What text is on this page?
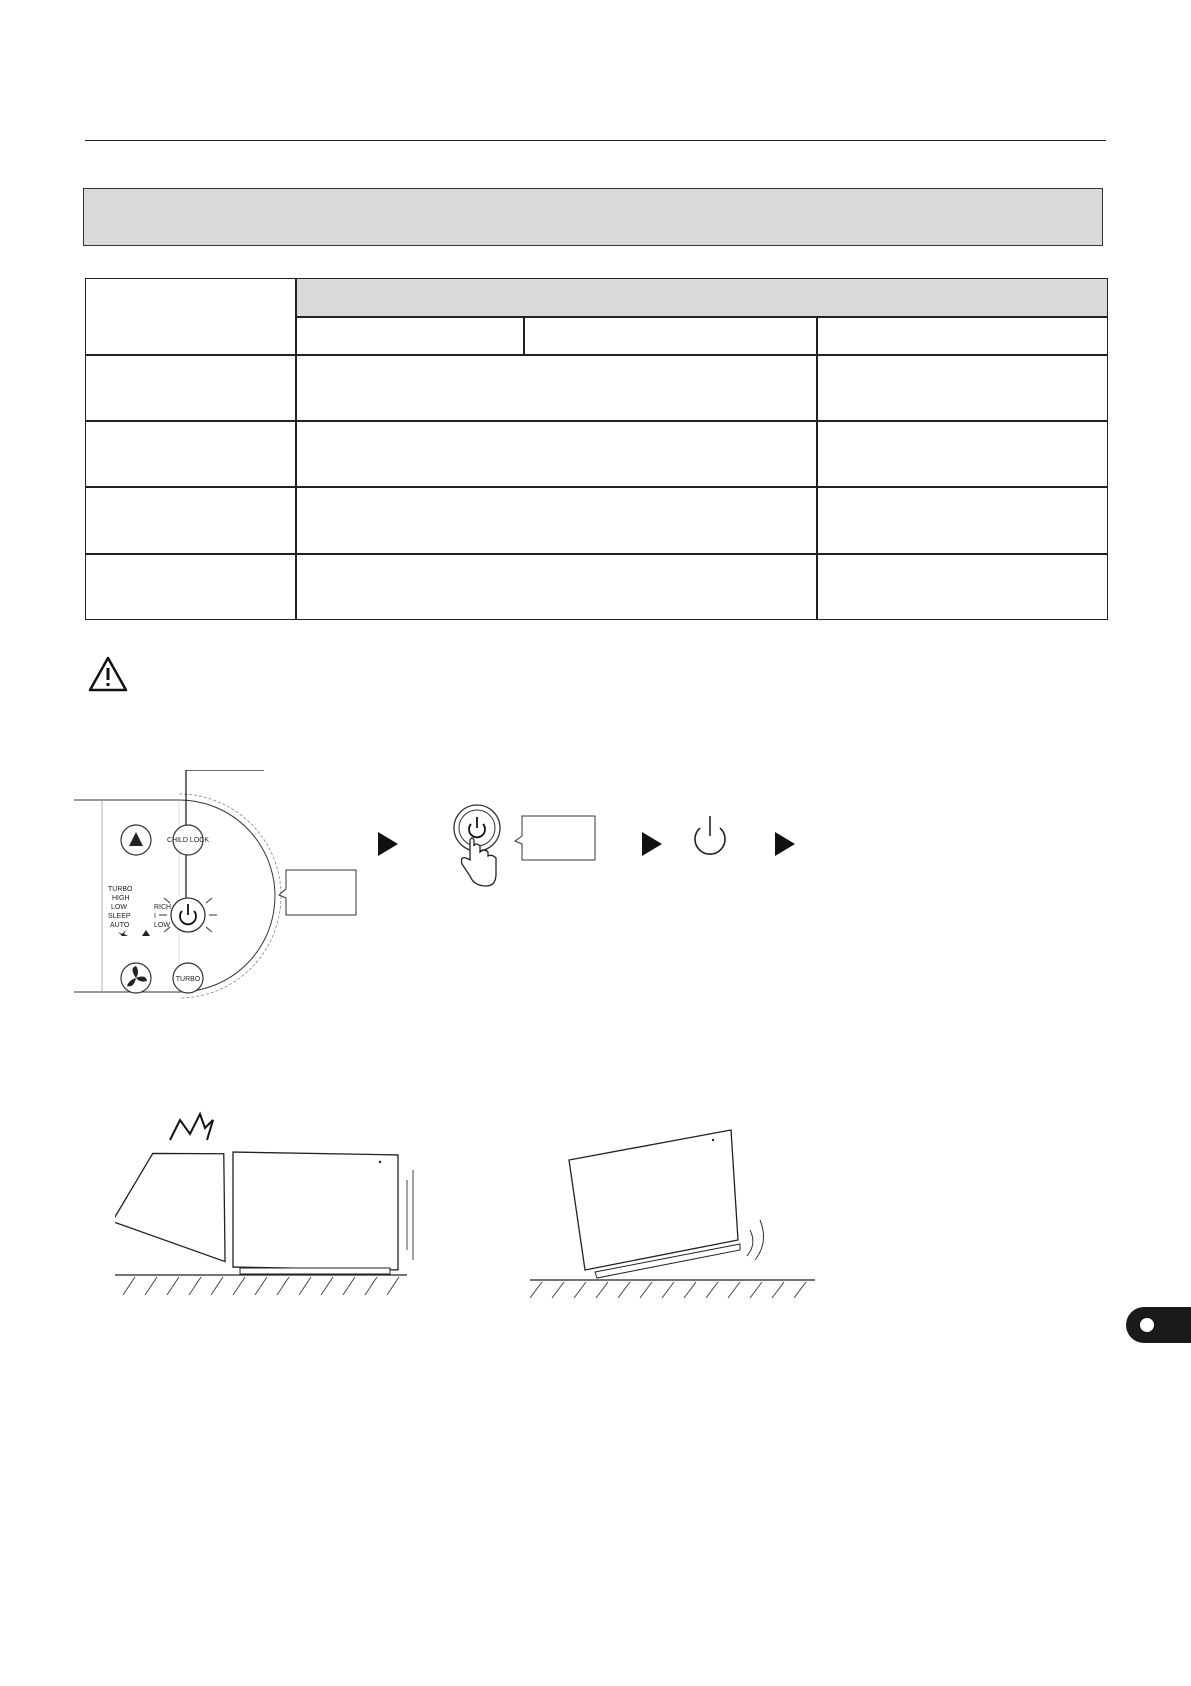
CHILD LOCK
TURBO
TURBO
HIGH
LOW
SLEEP
AUTO
RICH
I
LOW
